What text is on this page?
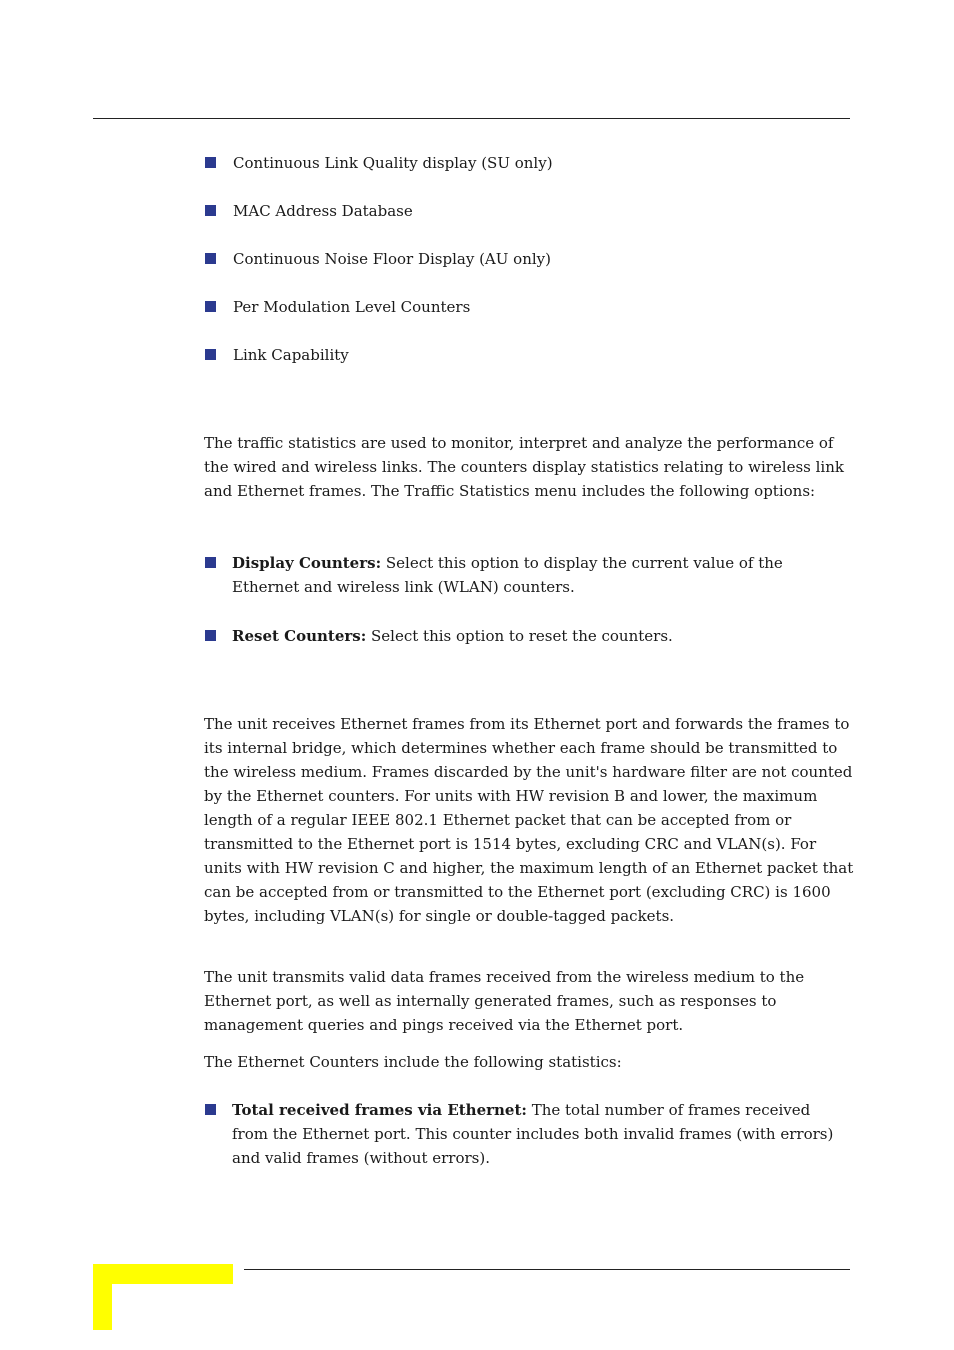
Continuous Link Quality display (SU only)
MAC Address Database
Continuous Noise Floor Display (AU only)
Per Modulation Level Counters
Link Capability

The traffic statistics are used to monitor, interpret and analyze the performance of the wired and wireless links. The counters display statistics relating to wireless link and Ethernet frames. The Traffic Statistics menu includes the following options:

Display Counters: Select this option to display the current value of the Ethernet and wireless link (WLAN) counters.
Reset Counters: Select this option to reset the counters.

The unit receives Ethernet frames from its Ethernet port and forwards the frames to its internal bridge, which determines whether each frame should be transmitted to the wireless medium. Frames discarded by the unit's hardware filter are not counted by the Ethernet counters. For units with HW revision B and lower, the maximum length of a regular IEEE 802.1 Ethernet packet that can be accepted from or transmitted to the Ethernet port is 1514 bytes, excluding CRC and VLAN(s). For units with HW revision C and higher, the maximum length of an Ethernet packet that can be accepted from or transmitted to the Ethernet port (excluding CRC) is 1600 bytes, including VLAN(s) for single or double-tagged packets.

The unit transmits valid data frames received from the wireless medium to the Ethernet port, as well as internally generated frames, such as responses to management queries and pings received via the Ethernet port.

The Ethernet Counters include the following statistics:

Total received frames via Ethernet: The total number of frames received from the Ethernet port. This counter includes both invalid frames (with errors) and valid frames (without errors).
